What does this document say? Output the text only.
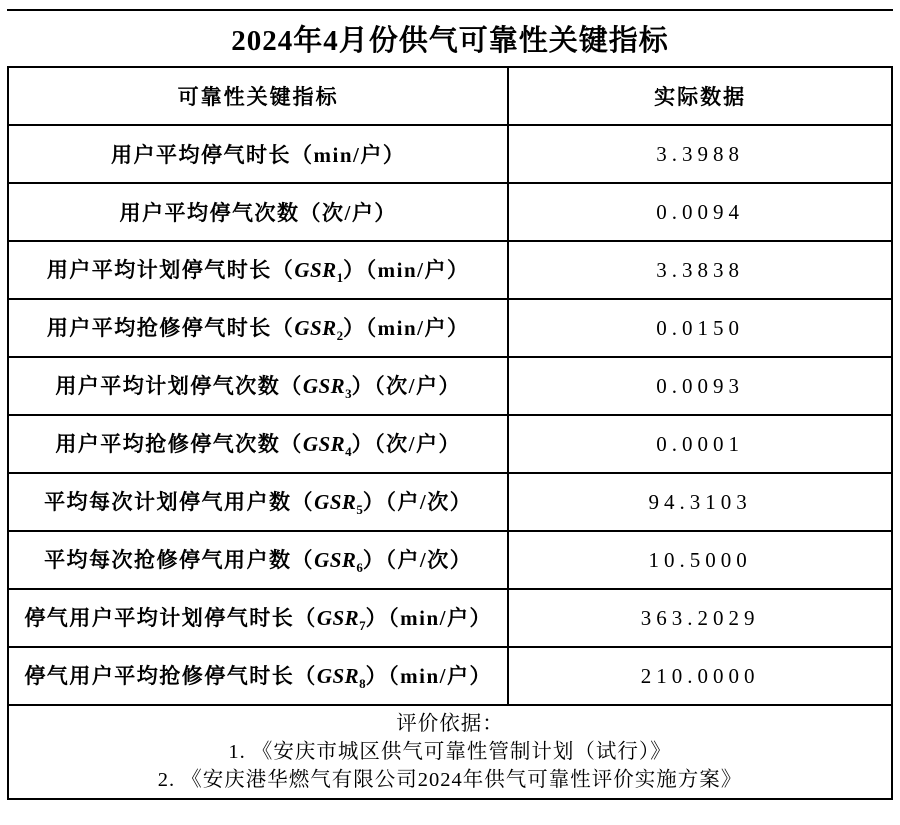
2024年4月份供气可靠性关键指标
可靠性关键指标	实际数据
用户平均停气时长（min/户）	3.3988
用户平均停气次数（次/户）	0.0094
用户平均计划停气时长$(GSR_1)(\min/$户）	3.3838
用户平均抢修停气时长$(GSR_2)(\min/$户）	0.0150
用户平均计划停气次数$(GSR_3)$（次/户）	0.0093
用户平均抢修停气次数$(GSR_4)$（次/户）	0.0001
平均每次计划停气用户数$(GSR_5)$（户/次）	94.3103
平均每次抢修停气用户数$(GSR_6)$（户/次）	10.5000
停气用户平均计划停气时长$(GSR_7)(\min/$户）	363.2029
停气用户平均抢修停气时长$(GSR_8)(\min/$户）	210.0000

评价依据：
1. 《安庆市城区供气可靠性管制计划（试行）》
2. 《安庆港华燃气有限公司2024年供气可靠性评价实施方案》	
